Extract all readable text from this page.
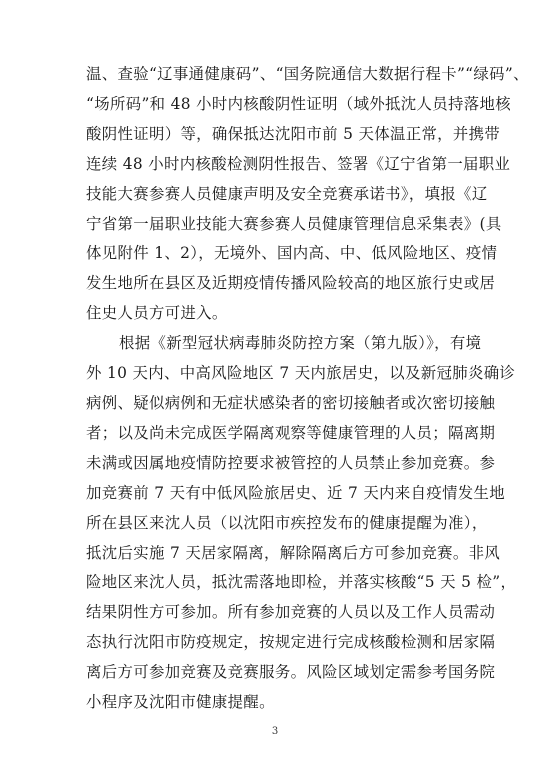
温、查验“辽事通健康码”、“国务院通信大数据行程卡”“绿码”、
“场所码”和 48 小时内核酸阴性证明（域外抵沈人员持落地核
酸阴性证明）等，确保抵达沈阳市前 5 天体温正常，并携带
连续 48 小时内核酸检测阴性报告、签署《辽宁省第一届职业
技能大赛参赛人员健康声明及安全竞赛承诺书》，填报《辽
宁省第一届职业技能大赛参赛人员健康管理信息采集表》(具
体见附件 1、2），无境外、国内高、中、低风险地区、疫情
发生地所在县区及近期疫情传播风险较高的地区旅行史或居
住史人员方可进入。
根据《新型冠状病毒肺炎防控方案（第九版）》，有境
外 10 天内、中高风险地区 7 天内旅居史，以及新冠肺炎确诊
病例、疑似病例和无症状感染者的密切接触者或次密切接触
者；以及尚未完成医学隔离观察等健康管理的人员；隔离期
未满或因属地疫情防控要求被管控的人员禁止参加竞赛。参
加竞赛前 7 天有中低风险旅居史、近 7 天内来自疫情发生地
所在县区来沈人员（以沈阳市疾控发布的健康提醒为准），
抵沈后实施 7 天居家隔离，解除隔离后方可参加竞赛。非风
险地区来沈人员，抵沈需落地即检，并落实核酸“5 天 5 检”，
结果阴性方可参加。所有参加竞赛的人员以及工作人员需动
态执行沈阳市防疫规定，按规定进行完成核酸检测和居家隔
离后方可参加竞赛及竞赛服务。风险区域划定需参考国务院
小程序及沈阳市健康提醒。
3
